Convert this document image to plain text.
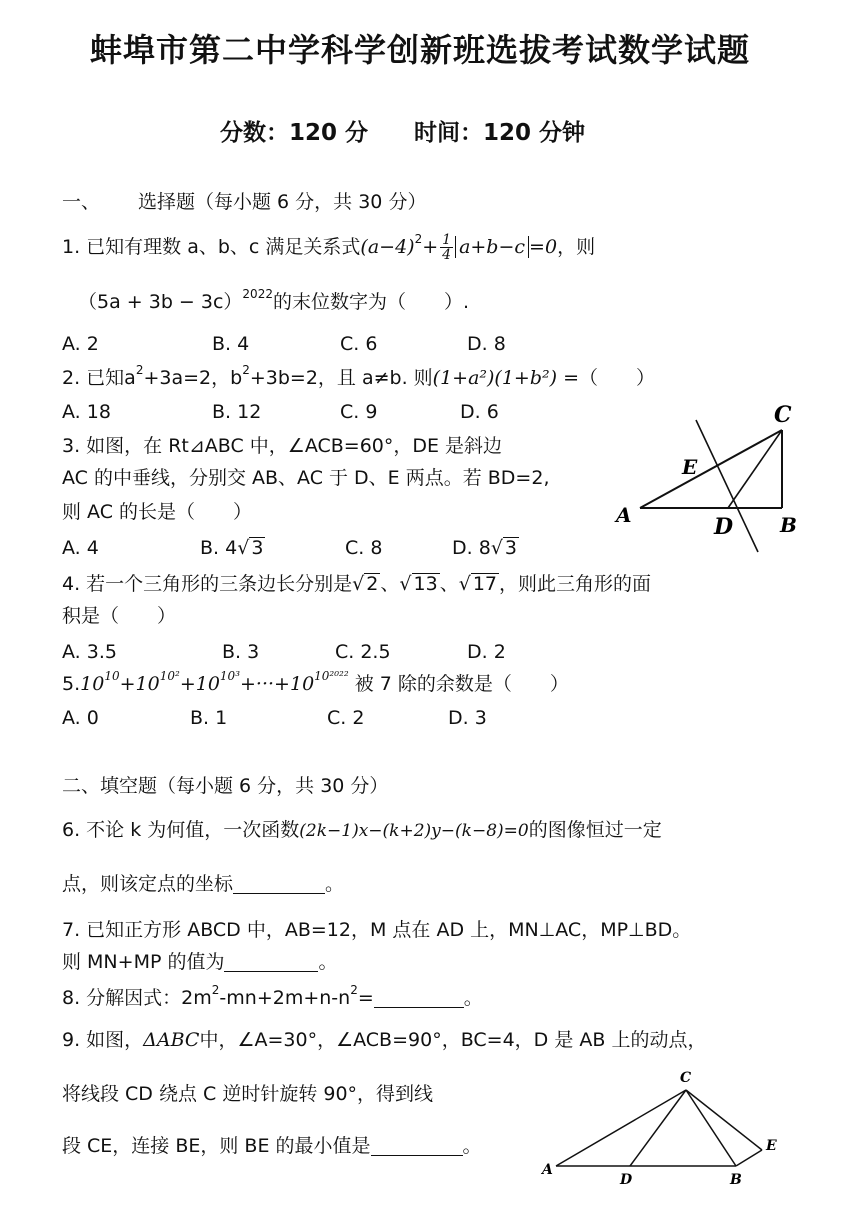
蚌埠市第二中学科学创新班选拔考试数学试题
分数：120 分 时间：120 分钟
一、 选择题（每小题 6 分，共 30 分）
1. 已知有理数 a、b、c 满足关系式$(a-4)^2+ \frac{1}{4} a+b-c =0$，则
$(5a + 3b - 3c)^{2022}$的末位数字为（　　）.
A. 2	B. 4	C. 6	D. 8
2. 已知$a^2+3a=2$，$b^2+3b=2$，且 a≠b. 则(1+a²)(1+b²) =（　　）
A. 18	B. 12	C. 9	D. 6
3. 如图，在 Rt⊿ABC 中，∠ACB=60°，DE 是斜边
AC 的中垂线，分别交 AB、AC 于 D、E 两点。若 BD=2,
则 AC 的长是（　　）
A. 4	B. 4√ 3	C. 8	D. 8√ 3
C
E
A	D B
4. 若一个三角形的三条边长分别是√ 2 、√ 13 、√ 17 ，则此三角形的面
积是（　　）
A. 3.5	B. 3	C. 2.5	D. 2
$5.10^{10}+10^{10^2}+10^{10^3}+\cdot\cdot\cdot+10^{10^{2022}}$ 被 7 除的余数是（　　）
A. 0	B. 1	C. 2	D. 3
二、填空题（每小题 6 分，共 30 分）
6. 不论 k 为何值，一次函数(2k−1)x−(k+2)y−(k−8)=0的图像恒过一定
点，则该定点的坐标	。
7. 已知正方形 ABCD 中，AB=12，M 点在 AD 上，MN⊥AC，MP⊥BD。
则 MN+MP 的值为	。
8. 分解因式：$2m^2-mn+2m+n-n^2=$	。
9. 如图，ΔABC中，∠A=30°，∠ACB=90°，BC=4，D 是 AB 上的动点，
将线段 CD 绕点 C 逆时针旋转 90°，得到线
段 CE，连接 BE，则 BE 的最小值是	。
C
A
D	B
E
